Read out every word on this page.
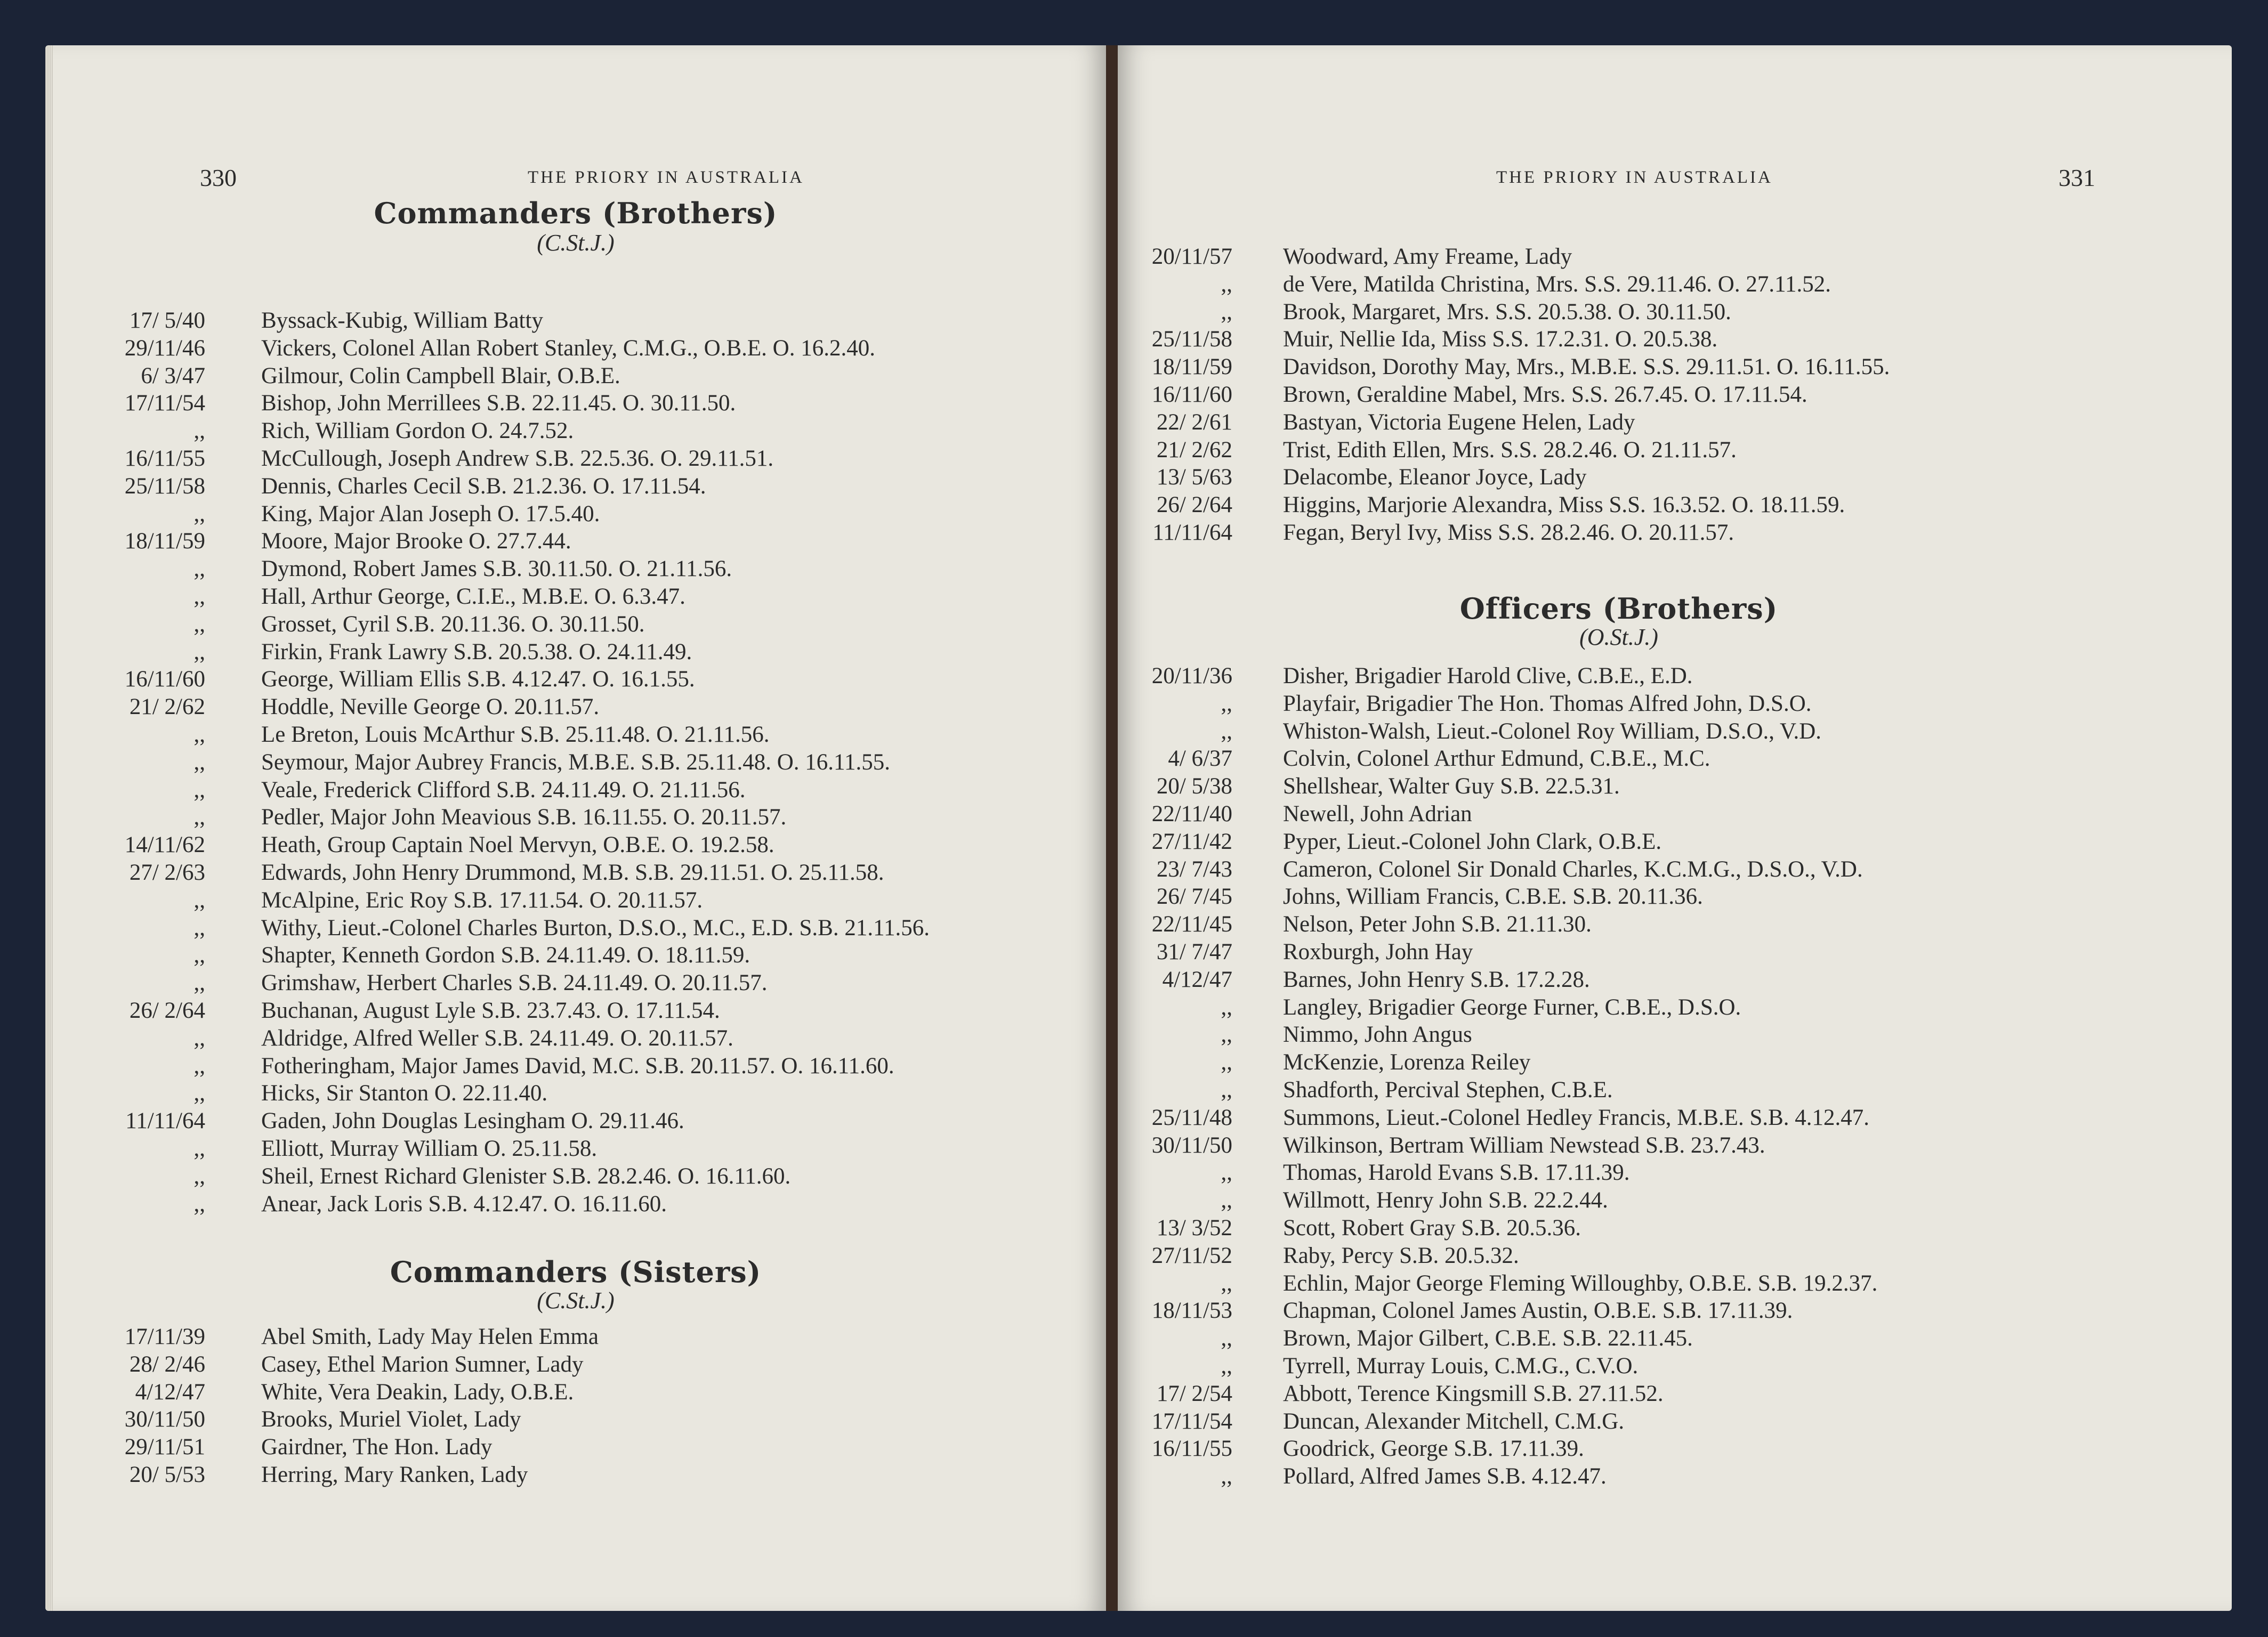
330	THE PRIORY IN AUSTRALIA
Commanders (Brothers)
(C.St.J.)
17/ 5/40 Byssack-Kubig, William Batty
29/11/46 Vickers, Colonel Allan Robert Stanley, C.M.G., O.B.E. O. 16.2.40.
6/ 3/47 Gilmour, Colin Campbell Blair, O.B.E.
17/11/54 Bishop, John Merrillees S.B. 22.11.45. O. 30.11.50.
,, Rich, William Gordon O. 24.7.52.
16/11/55 McCullough, Joseph Andrew S.B. 22.5.36. O. 29.11.51.
25/11/58 Dennis, Charles Cecil S.B. 21.2.36. O. 17.11.54.
,, King, Major Alan Joseph O. 17.5.40.
18/11/59 Moore, Major Brooke O. 27.7.44.
,, Dymond, Robert James S.B. 30.11.50. O. 21.11.56.
,, Hall, Arthur George, C.I.E., M.B.E. O. 6.3.47.
,, Grosset, Cyril S.B. 20.11.36. O. 30.11.50.
,, Firkin, Frank Lawry S.B. 20.5.38. O. 24.11.49.
16/11/60 George, William Ellis S.B. 4.12.47. O. 16.1.55.
21/ 2/62 Hoddle, Neville George O. 20.11.57.
,, Le Breton, Louis McArthur S.B. 25.11.48. O. 21.11.56.
,, Seymour, Major Aubrey Francis, M.B.E. S.B. 25.11.48. O. 16.11.55.
,, Veale, Frederick Clifford S.B. 24.11.49. O. 21.11.56.
,, Pedler, Major John Meavious S.B. 16.11.55. O. 20.11.57.
14/11/62 Heath, Group Captain Noel Mervyn, O.B.E. O. 19.2.58.
27/ 2/63 Edwards, John Henry Drummond, M.B. S.B. 29.11.51. O. 25.11.58.
,, McAlpine, Eric Roy S.B. 17.11.54. O. 20.11.57.
,, Withy, Lieut.-Colonel Charles Burton, D.S.O., M.C., E.D. S.B. 21.11.56.
,, Shapter, Kenneth Gordon S.B. 24.11.49. O. 18.11.59.
,, Grimshaw, Herbert Charles S.B. 24.11.49. O. 20.11.57.
26/ 2/64 Buchanan, August Lyle S.B. 23.7.43. O. 17.11.54.
,, Aldridge, Alfred Weller S.B. 24.11.49. O. 20.11.57.
,, Fotheringham, Major James David, M.C. S.B. 20.11.57. O. 16.11.60.
,, Hicks, Sir Stanton O. 22.11.40.
11/11/64 Gaden, John Douglas Lesingham O. 29.11.46.
,, Elliott, Murray William O. 25.11.58.
,, Sheil, Ernest Richard Glenister S.B. 28.2.46. O. 16.11.60.
,, Anear, Jack Loris S.B. 4.12.47. O. 16.11.60.
Commanders (Sisters)
(C.St.J.)
17/11/39 Abel Smith, Lady May Helen Emma
28/ 2/46 Casey, Ethel Marion Sumner, Lady
4/12/47 White, Vera Deakin, Lady, O.B.E.
30/11/50 Brooks, Muriel Violet, Lady
29/11/51 Gairdner, The Hon. Lady
20/ 5/53 Herring, Mary Ranken, Lady
THE PRIORY IN AUSTRALIA	331
20/11/57 Woodward, Amy Freame, Lady
,, de Vere, Matilda Christina, Mrs. S.S. 29.11.46. O. 27.11.52.
,, Brook, Margaret, Mrs. S.S. 20.5.38. O. 30.11.50.
25/11/58 Muir, Nellie Ida, Miss S.S. 17.2.31. O. 20.5.38.
18/11/59 Davidson, Dorothy May, Mrs., M.B.E. S.S. 29.11.51. O. 16.11.55.
16/11/60 Brown, Geraldine Mabel, Mrs. S.S. 26.7.45. O. 17.11.54.
22/ 2/61 Bastyan, Victoria Eugene Helen, Lady
21/ 2/62 Trist, Edith Ellen, Mrs. S.S. 28.2.46. O. 21.11.57.
13/ 5/63 Delacombe, Eleanor Joyce, Lady
26/ 2/64 Higgins, Marjorie Alexandra, Miss S.S. 16.3.52. O. 18.11.59.
11/11/64 Fegan, Beryl Ivy, Miss S.S. 28.2.46. O. 20.11.57.
Officers (Brothers)
(O.St.J.)
20/11/36 Disher, Brigadier Harold Clive, C.B.E., E.D.
,, Playfair, Brigadier The Hon. Thomas Alfred John, D.S.O.
,, Whiston-Walsh, Lieut.-Colonel Roy William, D.S.O., V.D.
4/ 6/37 Colvin, Colonel Arthur Edmund, C.B.E., M.C.
20/ 5/38 Shellshear, Walter Guy S.B. 22.5.31.
22/11/40 Newell, John Adrian
27/11/42 Pyper, Lieut.-Colonel John Clark, O.B.E.
23/ 7/43 Cameron, Colonel Sir Donald Charles, K.C.M.G., D.S.O., V.D.
26/ 7/45 Johns, William Francis, C.B.E. S.B. 20.11.36.
22/11/45 Nelson, Peter John S.B. 21.11.30.
31/ 7/47 Roxburgh, John Hay
4/12/47 Barnes, John Henry S.B. 17.2.28.
,, Langley, Brigadier George Furner, C.B.E., D.S.O.
,, Nimmo, John Angus
,, McKenzie, Lorenza Reiley
,, Shadforth, Percival Stephen, C.B.E.
25/11/48 Summons, Lieut.-Colonel Hedley Francis, M.B.E. S.B. 4.12.47.
30/11/50 Wilkinson, Bertram William Newstead S.B. 23.7.43.
,, Thomas, Harold Evans S.B. 17.11.39.
,, Willmott, Henry John S.B. 22.2.44.
13/ 3/52 Scott, Robert Gray S.B. 20.5.36.
27/11/52 Raby, Percy S.B. 20.5.32.
,, Echlin, Major George Fleming Willoughby, O.B.E. S.B. 19.2.37.
18/11/53 Chapman, Colonel James Austin, O.B.E. S.B. 17.11.39.
,, Brown, Major Gilbert, C.B.E. S.B. 22.11.45.
,, Tyrrell, Murray Louis, C.M.G., C.V.O.
17/ 2/54 Abbott, Terence Kingsmill S.B. 27.11.52.
17/11/54 Duncan, Alexander Mitchell, C.M.G.
16/11/55 Goodrick, George S.B. 17.11.39.
,, Pollard, Alfred James S.B. 4.12.47.
